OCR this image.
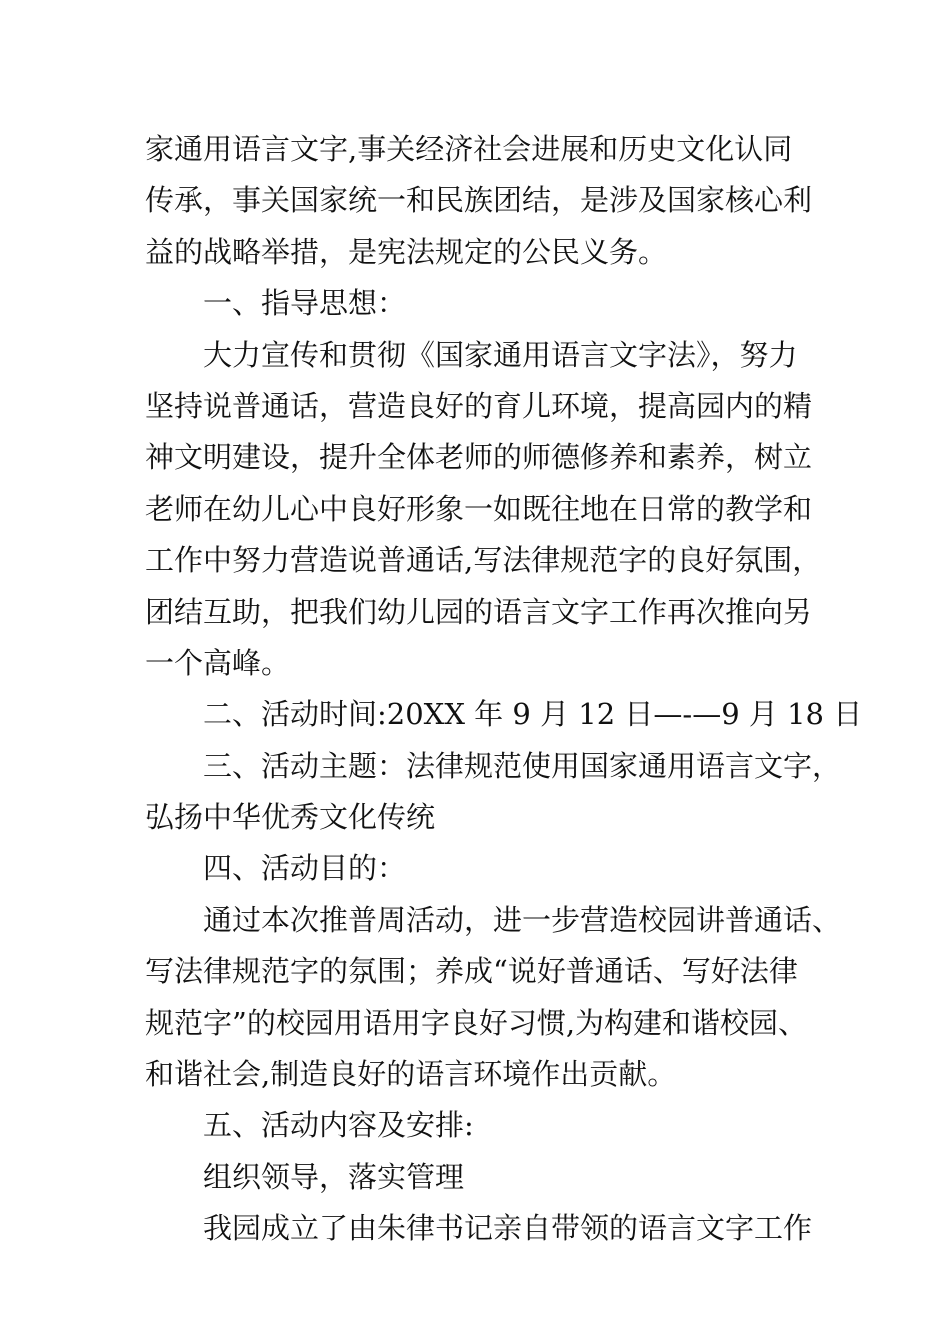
家通用语言文字,事关经济社会进展和历史文化认同
传承，事关国家统一和民族团结，是涉及国家核心利
益的战略举措，是宪法规定的公民义务。
一、指导思想：
大力宣传和贯彻《国家通用语言文字法》，努力
坚持说普通话，营造良好的育儿环境，提高园内的精
神文明建设，提升全体老师的师德修养和素养，树立
老师在幼儿心中良好形象一如既往地在日常的教学和
工作中努力营造说普通话,写法律规范字的良好氛围，
团结互助，把我们幼儿园的语言文字工作再次推向另
一个高峰。
二、活动时间:20XX 年 9 月 12 日—-—9 月 18 日
三、活动主题：法律规范使用国家通用语言文字，
弘扬中华优秀文化传统
四、活动目的：
通过本次推普周活动，进一步营造校园讲普通话、
写法律规范字的氛围；养成“说好普通话、写好法律
规范字”的校园用语用字良好习惯,为构建和谐校园、
和谐社会,制造良好的语言环境作出贡献。
五、活动内容及安排:
组织领导，落实管理
我园成立了由朱律书记亲自带领的语言文字工作
